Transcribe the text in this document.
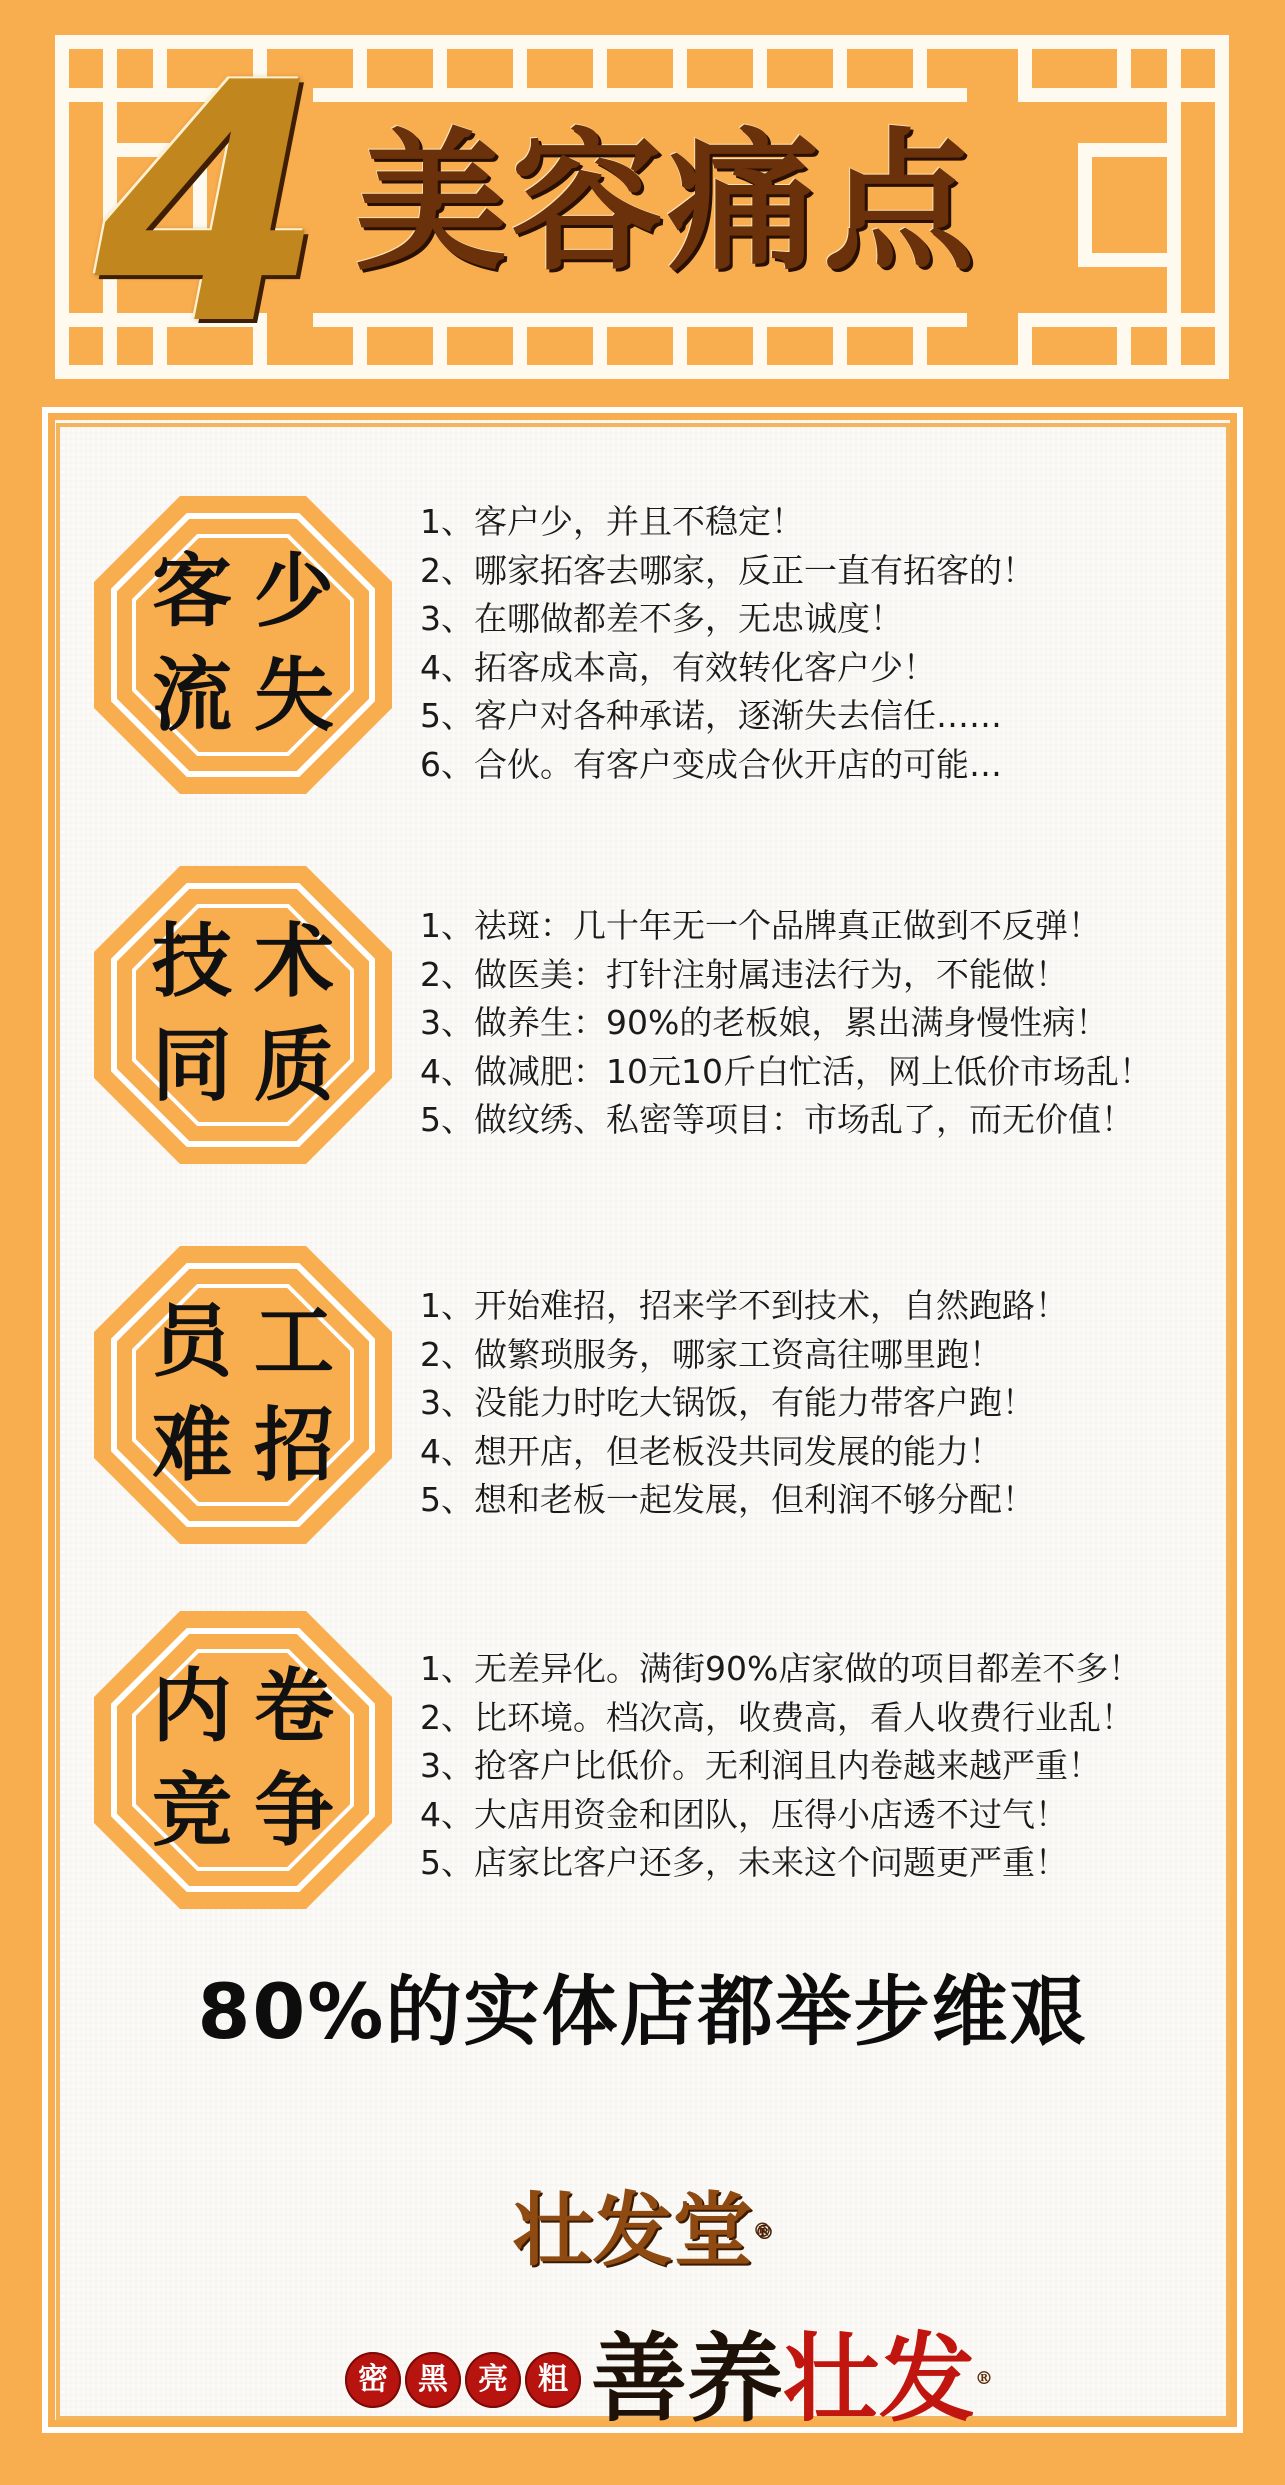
4 美容痛点
客少
流失
1、客户少，并且不稳定！
2、哪家拓客去哪家，反正一直有拓客的！
3、在哪做都差不多，无忠诚度！
4、拓客成本高，有效转化客户少！
5、客户对各种承诺，逐渐失去信任……
6、合伙。有客户变成合伙开店的可能…
技术
同质
1、祛斑：几十年无一个品牌真正做到不反弹！
2、做医美：打针注射属违法行为，不能做！
3、做养生：90%的老板娘，累出满身慢性病！
4、做减肥：10元10斤白忙活，网上低价市场乱！
5、做纹绣、私密等项目：市场乱了，而无价值！
员工
难招
1、开始难招，招来学不到技术，自然跑路！
2、做繁琐服务，哪家工资高往哪里跑！
3、没能力时吃大锅饭，有能力带客户跑！
4、想开店，但老板没共同发展的能力！
5、想和老板一起发展，但利润不够分配！
内卷
竞争
1、无差异化。满街90%店家做的项目都差不多！
2、比环境。档次高，收费高，看人收费行业乱！
3、抢客户比低价。无利润且内卷越来越严重！
4、大店用资金和团队，压得小店透不过气！
5、店家比客户还多，未来这个问题更严重！
80%的实体店都举步维艰
壮发堂®
密	黑	亮	粗 善养壮发®
